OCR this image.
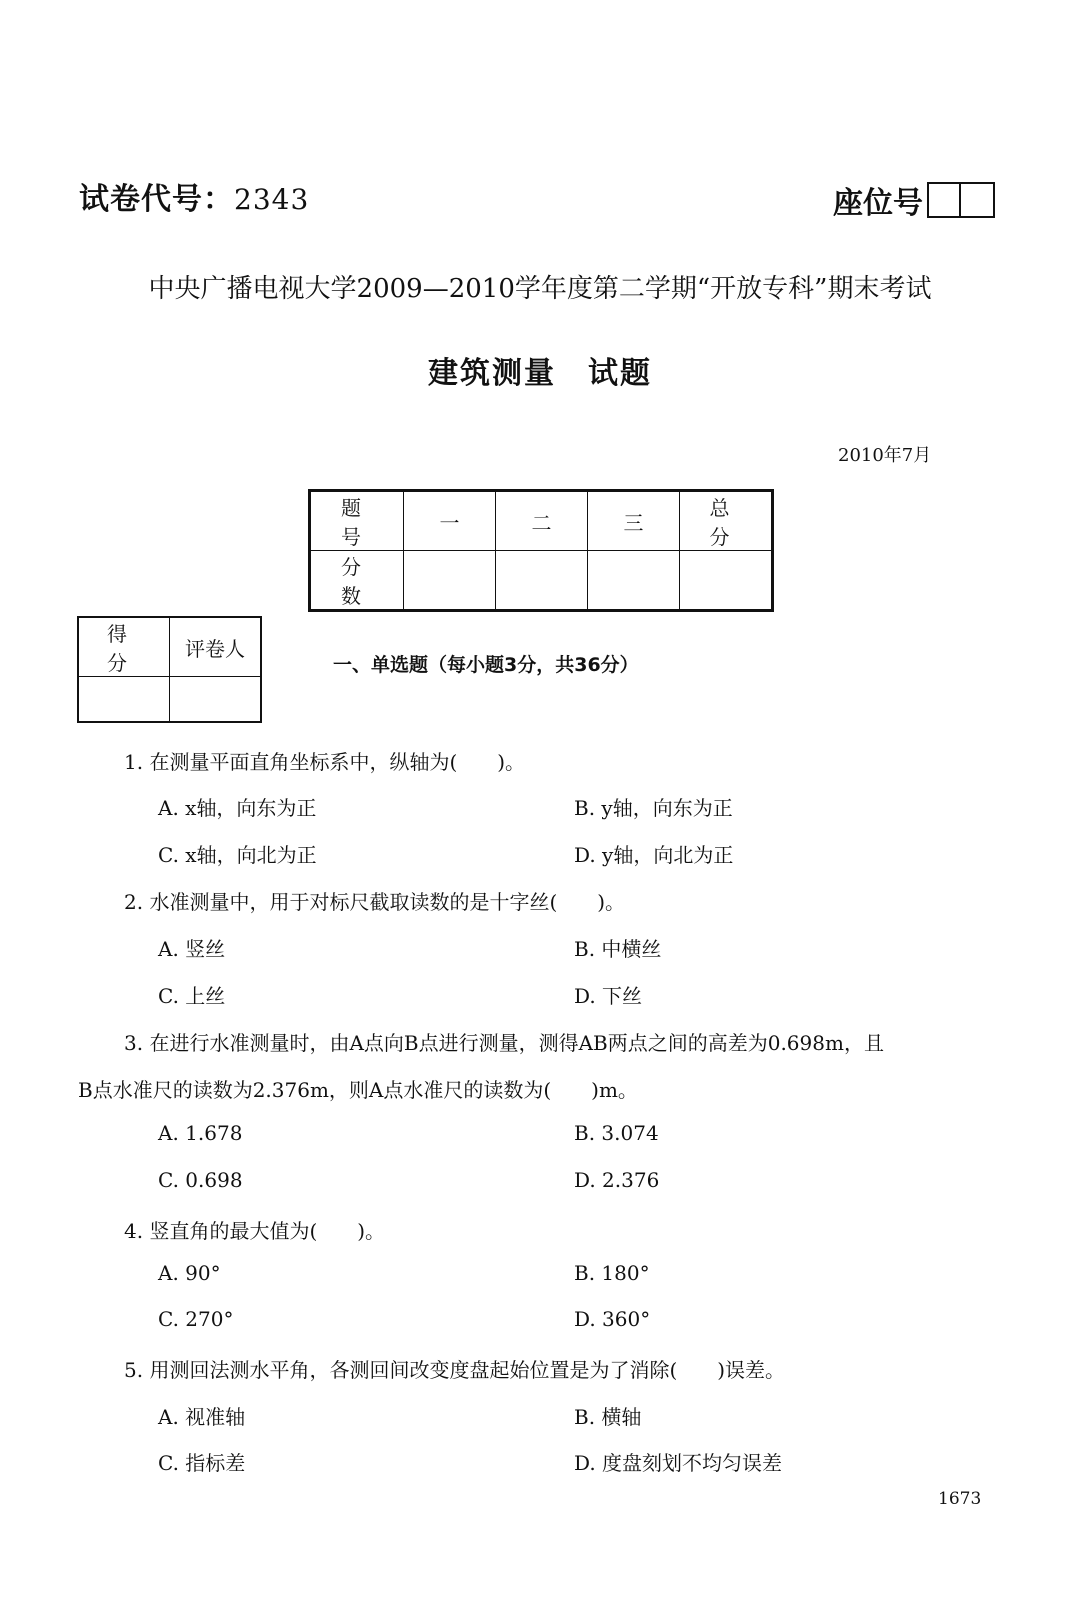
试卷代号：2343	座位号
中央广播电视大学2009—2010学年度第二学期“开放专科”期末考试
建筑测量　试题
2010年7月
题　号	一	二	三	总　分
分　数				
得　分	评卷人

一、单选题（每小题3分，共36分）
1. 在测量平面直角坐标系中，纵轴为(　　)。
A. x轴，向东为正	B. y轴，向东为正
C. x轴，向北为正	D. y轴，向北为正
2. 水准测量中，用于对标尺截取读数的是十字丝(　　)。
A. 竖丝	B. 中横丝
C. 上丝	D. 下丝
3. 在进行水准测量时，由A点向B点进行测量，测得AB两点之间的高差为0.698m，且
B点水准尺的读数为2.376m，则A点水准尺的读数为(　　)m。
A. 1.678	B. 3.074
C. 0.698	D. 2.376
4. 竖直角的最大值为(　　)。
A. 90°	B. 180°
C. 270°	D. 360°
5. 用测回法测水平角，各测回间改变度盘起始位置是为了消除(　　)误差。
A. 视准轴	B. 横轴
C. 指标差	D. 度盘刻划不均匀误差
1673
